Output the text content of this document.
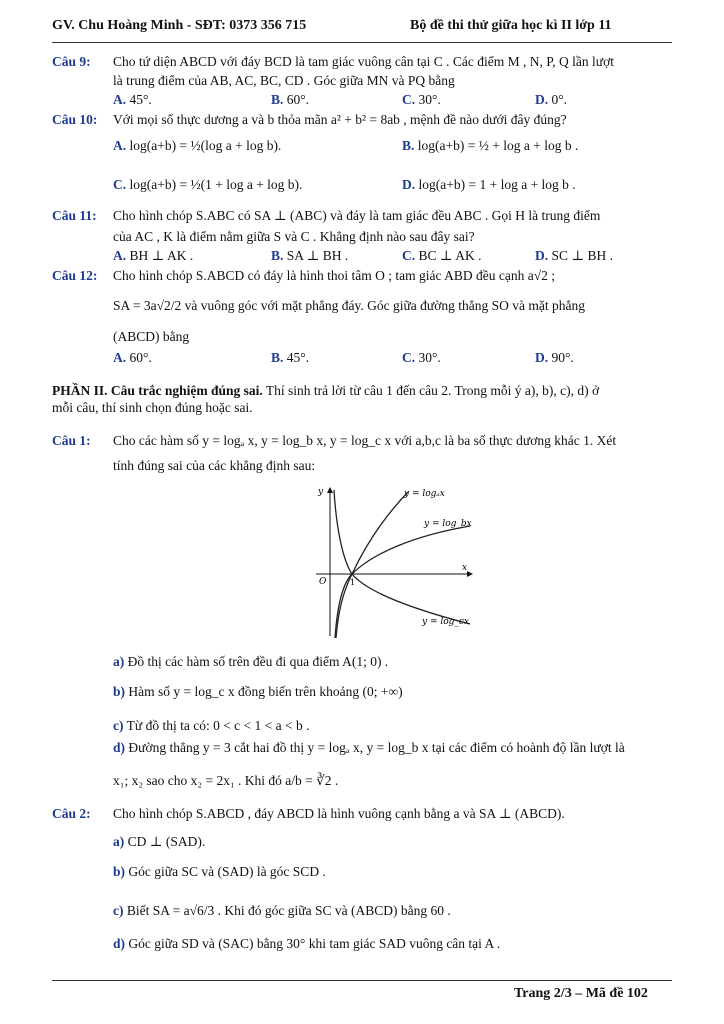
GV. Chu Hoàng Minh - SĐT: 0373 356 715	Bộ đề thi thử giữa học kì II lớp 11
Câu 9: Cho tứ diện ABCD với đáy BCD là tam giác vuông cân tại C . Các điểm M , N, P, Q lần lượt
là trung điểm của AB, AC, BC, CD . Góc giữa MN và PQ bằng
A. 45°.	B. 60°.	C. 30°.	D. 0°.
Câu 10: Với mọi số thực dương a và b thỏa mãn a² + b² = 8ab , mệnh đề nào dưới đây đúng?
A. log(a+b) = ½(log a + log b).	B. log(a+b) = ½ + log a + log b .
C. log(a+b) = ½(1 + log a + log b).	D. log(a+b) = 1 + log a + log b .
Câu 11: Cho hình chóp S.ABC có SA ⊥ (ABC) và đáy là tam giác đều ABC . Gọi H là trung điểm
của AC , K là điểm nằm giữa S và C . Khẳng định nào sau đây sai?
A. BH ⊥ AK .	B. SA ⊥ BH .	C. BC ⊥ AK .	D. SC ⊥ BH .
Câu 12: Cho hình chóp S.ABCD có đáy là hình thoi tâm O ; tam giác ABD đều cạnh a√2 ;
SA = 3a√2/2 và vuông góc với mặt phẳng đáy. Góc giữa đường thẳng SO và mặt phẳng
(ABCD) bằng
A. 60°.	B. 45°.	C. 30°.	D. 90°.
PHẦN II. Câu trắc nghiệm đúng sai. Thí sinh trả lời từ câu 1 đến câu 2. Trong mỗi ý a), b), c), d) ở
mỗi câu, thí sinh chọn đúng hoặc sai.
Câu 1: Cho các hàm số y = logₐ x, y = log_b x, y = log_c x với a,b,c là ba số thực dương khác 1. Xét
tính đúng sai của các khẳng định sau:
y = logₐx
y = log_bx
y = log_cx
y
x
O	1
a) Đồ thị các hàm số trên đều đi qua điểm A(1; 0) .
b) Hàm số y = log_c x đồng biến trên khoảng (0; +∞)
c) Từ đồ thị ta có: 0 < c < 1 < a < b .
d) Đường thẳng y = 3 cắt hai đồ thị y = logₐ x, y = log_b x tại các điểm có hoành độ lần lượt là
x₁; x₂ sao cho x₂ = 2x₁ . Khi đó a/b = ∛2 .
Câu 2: Cho hình chóp S.ABCD , đáy ABCD là hình vuông cạnh bằng a và SA ⊥ (ABCD).
a) CD ⊥ (SAD).
b) Góc giữa SC và (SAD) là góc SCD .
c) Biết SA = a√6/3 . Khi đó góc giữa SC và (ABCD) bằng 60 .
d) Góc giữa SD và (SAC) bằng 30° khi tam giác SAD vuông cân tại A .
Trang 2/3 – Mã đề 102
